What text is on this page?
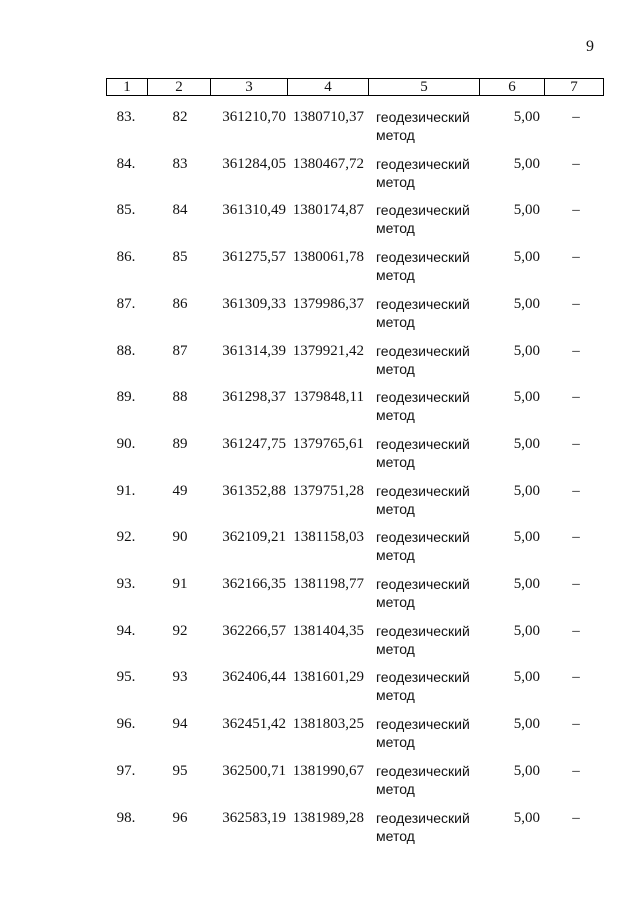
9
1	2	3	4	5	6	7
83.	82	361210,70 1380710,37 геодезический
метод
5,00	–
84.	83	361284,05 1380467,72 геодезический
метод
5,00	–
85.	84	361310,49 1380174,87 геодезический
метод
5,00	–
86.	85	361275,57 1380061,78 геодезический
метод
5,00	–
87.	86	361309,33 1379986,37 геодезический
метод
5,00	–
88.	87	361314,39 1379921,42 геодезический
метод
5,00	–
89.	88	361298,37 1379848,11 геодезический
метод
5,00	–
90.	89	361247,75 1379765,61 геодезический
метод
5,00	–
91.	49	361352,88 1379751,28 геодезический
метод
5,00	–
92.	90	362109,21 1381158,03 геодезический
метод
5,00	–
93.	91	362166,35 1381198,77 геодезический
метод
5,00	–
94.	92	362266,57 1381404,35 геодезический
метод
5,00	–
95.	93	362406,44 1381601,29 геодезический
метод
5,00	–
96.	94	362451,42 1381803,25 геодезический
метод
5,00	–
97.	95	362500,71 1381990,67 геодезический
метод
5,00	–
98.	96	362583,19 1381989,28 геодезический
метод
5,00	–
